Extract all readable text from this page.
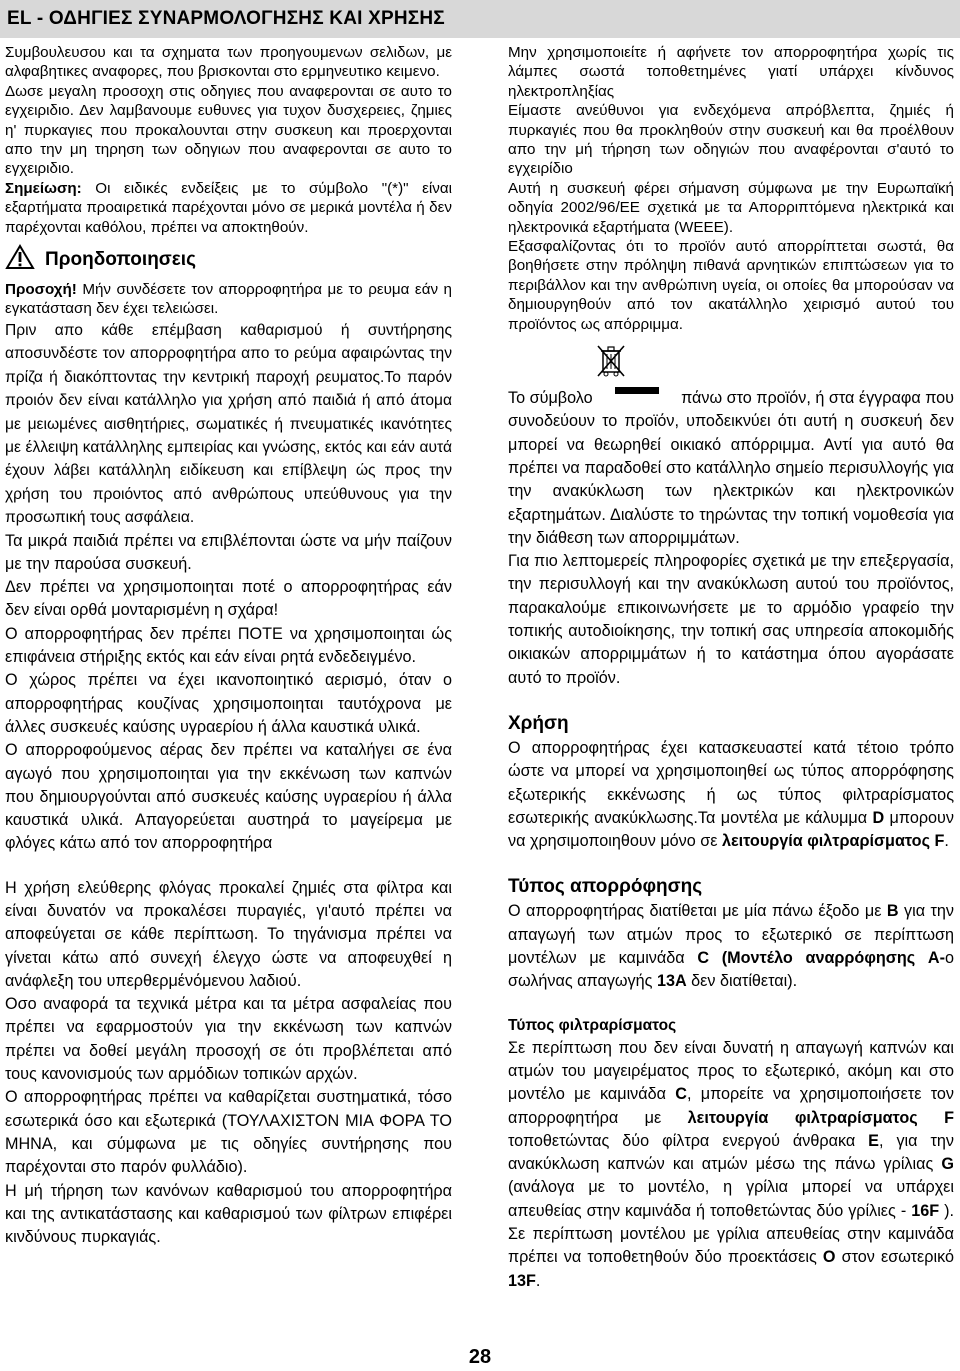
EL - ΟΔΗΓΙΕΣ ΣΥΝΑΡΜΟΛΟΓΗΣΗΣ ΚΑΙ ΧΡΗΣΗΣ

Συμβουλευσου και τα σχηματα των προηγουμενων σελιδων, με αλφαβητικες αναφορες, που βρισκονται στο ερμηνευτικο κειμενο.

Δωσε μεγαλη προσοχη στις οδηγιες που αναφερονται σε αυτο το εγχειριδιο. Δεν λαμβανουμε ευθυνες για τυχον δυσχερειες, ζημιες η' πυρκαγιες που προκαλουνται στην συσκευη και προερχονται απο την μη τηρηση των οδηγιων που αναφερονται σε αυτο το εγχειριδιο.

Σημείωση: Οι ειδικές ενδείξεις με το σύμβολο "(*)" είναι εξαρτήματα προαιρετικά παρέχονται μόνο σε μερικά μοντέλα ή δεν παρέχονται καθόλου, πρέπει να αποκτηθούν.

Προηδοποιησεις

Προσοχή! Μήν συνδέσετε τον απορροφητήρα με το ρευμα εάν η εγκατάσταση δεν έχει τελειώσει.

Πριν απο κάθε επέμβαση καθαρισμού ή συντήρησης αποσυνδέστε τον απορροφητήρα απο το ρεύμα αφαιρώντας την πρίζα ή διακόπτοντας την κεντρική παροχή ρευματος.Το παρόν προιόν δεν είναι κατάλληλο για χρήση από παιδιά ή από άτομα με μειωμένες αισθητήριες, σωματικές ή πνευματικές ικανότητες με έλλειψη κατάλληλης εμπειρίας και γνώσης, εκτός και εάν αυτά έχουν λάβει κατάλληλη ειδίκευση και επίβλεψη ώς προς την χρήση του προιόντος από ανθρώπους υπεύθυνους για την προσωπική τους ασφάλεια.

Τα μικρά παιδιά πρέπει να επιβλέπονται ώστε να μήν παίζουν με την παρούσα συσκευή.

Δεν πρέπει να χρησιμοποιηται ποτέ ο απορροφητήρας εάν δεν είναι ορθά μονταρισμένη η σχάρα!

Ο απορροφητήρας δεν πρέπει ΠΟΤΕ να χρησιμοποιηται ώς επιφάνεια στήριξης εκτός και εάν είναι ρητά ενδεδειγμένο.

Ο χώρος πρέπει να έχει ικανοποιητικό αερισμό, όταν ο απορροφητήρας κουζίνας χρησιμοποιηται ταυτόχρονα με άλλες συσκευές καύσης υγραερίου ή άλλα καυστικά υλικά.

Ο απορροφούμενος αέρας δεν πρέπει να καταλήγει σε ένα αγωγό που χρησιμοποιηται για την εκκένωση των καπνών που δημιουργούνται από συσκευές καύσης υγραερίου ή άλλα καυστικά υλικά. Απαγορεύεται αυστηρά το μαγείρεμα με φλόγες κάτω από τον απορροφητήρα

Η χρήση ελεύθερης φλόγας προκαλεί ζημιές στα φίλτρα και είναι δυνατόν να προκαλέσει πυραγιές, γι'αυτό πρέπει να αποφεύγεται σε κάθε περίπτωση. Το τηγάνισμα πρέπει να γίνεται κάτω από συνεχή έλεγχο ώστε να αποφευχθεί η ανάφλεξη του υπερθερμένόμενου λαδιού.

Οσο αναφορά τα τεχνικά μέτρα και τα μέτρα ασφαλείας που πρέπει να εφαρμοστούν για την εκκένωση των καπνών πρέπει να δοθεί μεγάλη προσοχή σε ότι προβλέπεται από τους κανονισμούς των αρμόδιων τοπικών αρχών.

Ο απορροφητήρας πρέπει να καθαρίζεται συστηματικά, τόσο εσωτερικά όσο και εξωτερικά (ΤΟΥΛΑΧΙΣΤΟΝ ΜΙΑ ΦΟΡΑ ΤΟ ΜΗΝΑ, και σύμφωνα με τις οδηγίες συντήρησης που παρέχονται στο παρόν φυλλάδιο).

Η μή τήρηση των κανόνων καθαρισμού του απορροφητήρα και της αντικατάστασης και καθαρισμού των φίλτρων επιφέρει κινδύνους πυρκαγιάς.

Μην χρησιμοποιείτε ή αφήνετε τον απορροφητήρα χωρίς τις λάμπες σωστά τοποθετημένες γιατί υπάρχει κίνδυνος ηλεκτροπληξίας

Είμαστε ανεύθυνοι για ενδεχόμενα απρόβλεπτα, ζημιές ή πυρκαγιές που θα προκληθούν στην συσκευή και θα προέλθουν απο την μή τήρηση των οδηγιών που αναφέρονται σ'αυτό το εγχειρίδιο

Αυτή η συσκευή φέρει σήμανση σύμφωνα με την Ευρωπαϊκή οδηγία 2002/96/ΕΕ σχετικά με τα Απορριπτόμενα ηλεκτρικά και ηλεκτρονικά εξαρτήματα (WEEE).

Εξασφαλίζοντας ότι το προϊόν αυτό απορρίπτεται σωστά, θα βοηθήσετε στην πρόληψη πιθανά αρνητικών επιπτώσεων για το περιβάλλον και την ανθρώπινη υγεία, οι οποίες θα μπορούσαν να δημιουργηθούν από τον ακατάλληλο χειρισμό αυτού του προϊόντος ως απόρριμμα.

Το σύμβολο	πάνω στο προϊόν, ή στα έγγραφα που

συνοδεύουν το προϊόν, υποδεικνύει ότι αυτή η συσκευή δεν μπορεί να θεωρηθεί οικιακό απόρριμμα. Αντί για αυτό θα πρέπει να παραδοθεί στο κατάλληλο σημείο περισυλλογής για την ανακύκλωση των ηλεκτρικών και ηλεκτρονικών εξαρτημάτων. Διαλύστε το τηρώντας την τοπική νομοθεσία για την διάθεση των απορριμμάτων.

Για πιο λεπτομερείς πληροφορίες σχετικά με την επεξεργασία, την περισυλλογή και την ανακύκλωση αυτού του προϊόντος, παρακαλούμε επικοινωνήσετε με το αρμόδιο γραφείο την τοπικής αυτοδιοίκησης, την τοπική σας υπηρεσία αποκομιδής οικιακών απορριμμάτων ή το κατάστημα όπου αγοράσατε αυτό το προϊόν.

Χρήση

Ο απορροφητήρας έχει κατασκευαστεί κατά τέτοιο τρόπο ώστε να μπορεί να χρησιμοποιηθεί ως τύπος απορρόφησης εξωτερικής εκκένωσης ή ως τύπος φιλτραρίσματος εσωτερικής ανακύκλωσης.Τα μοντέλα με κάλυμμα D μπορουν να χρησιμοποιηθουν μόνο σε λειτουργία φιλτραρίσματος F.

Τύπος απορρόφησης

Ο απορροφητήρας διατίθεται με μία πάνω έξοδο με B για την απαγωγή των ατμών προς το εξωτερικό σε περίπτωση μοντέλων με καμινάδα C (Μοντέλο αναρρόφησης A-ο σωλήνας απαγωγής 13A δεν διατίθεται).

Τύπος φιλτραρίσματος

Σε περίπτωση που δεν είναι δυνατή η απαγωγή καπνών και ατμών του μαγειρέματος προς το εξωτερικό, ακόμη και στο μοντέλο με καμινάδα C, μπορείτε να χρησιμοποιήσετε τον απορροφητήρα με λειτουργία φιλτραρίσματος F τοποθετώντας δύο φίλτρα ενεργού άνθρακα E, για την ανακύκλωση καπνών και ατμών μέσω της πάνω γρίλιας G (ανάλογα με το μοντέλο, η γρίλια μπορεί να υπάρχει απευθείας στην καμινάδα ή τοποθετώντας δύο γρίλιες - 16F ). Σε περίπτωση μοντέλου με γρίλια απευθείας στην καμινάδα πρέπει να τοποθετηθούν δύο προεκτάσεις O στον εσωτερικό 13F.

28
